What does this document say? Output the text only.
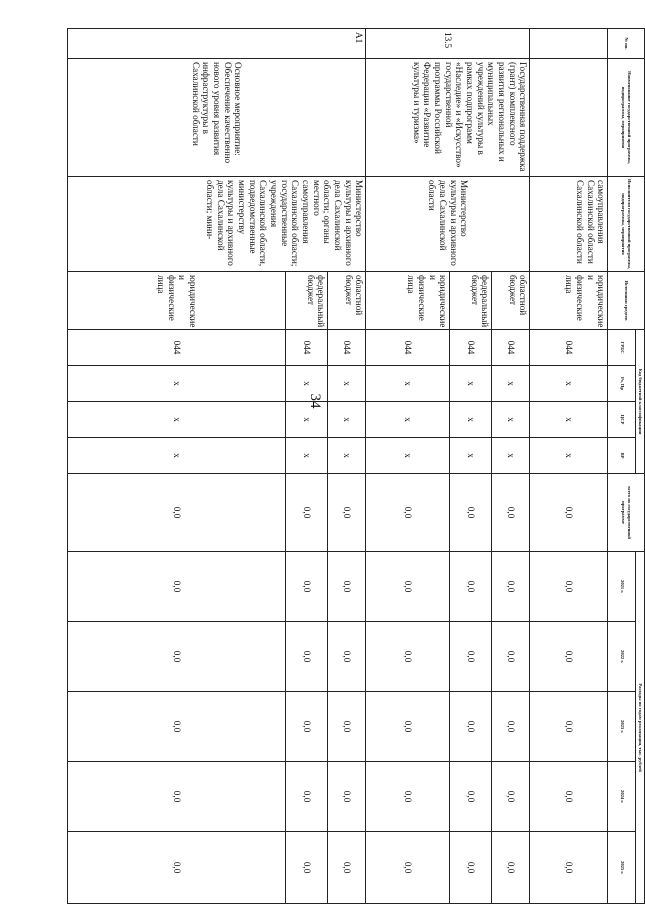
34
№ пп.	Наименование государственной программы, подпрограммы, мероприятия	Исполнители государственной программы, подпрограммы, мероприятия	Источники средств	Код бюджетной классификации				всего по государственной программе	Расходы по годам реализации, тыс. рублей				
				ГРБС	Рз, Пр	ЦСР	ВР		2021 г.	2022 г.	2023 г.	2024 г.	2025 г.
		самоуправления Сахалинской области Сахалинской области	юридические и физические лица	044	х	х	х	0,0	0,0	0,0	0,0	0,0	0,0
13.5	Государственная поддержка (грант) комплексного развития региональных и муниципальных учреждений культуры в рамках подпрограмм «Наследие» и «Искусство» государственной программы Российской Федерации «Развитие культуры и туризма»	Министерство культуры и архивного дела Сахалинской области	областной бюджет	044	х	х	х	0,0	0,0	0,0	0,0	0,0	0,0
			федеральный бюджет	044	х	х	х	0,0	0,0	0,0	0,0	0,0	0,0
			юридические и физические лица	044	х	х	х	0,0	0,0	0,0	0,0	0,0	0,0
А1	Основное мероприятие: Обеспечение качественно нового уровня развития инфраструктуры в Сахалинской области	Министерство культуры и архивного дела Сахалинской области; органы местного самоуправления Сахалинской области; государственные учреждения Сахалинской области, подведомственные министерству культуры и архивного дела Сахалинской области; мини-	областной бюджет	044	х	х	х	0,0	0,0	0,0	0,0	0,0	0,0
			федеральный бюджет	044	х	х	х	0,0	0,0	0,0	0,0	0,0	0,0
			юридические и физические лица	044	х	х	х	0,0	0,0	0,0	0,0	0,0	0,0
